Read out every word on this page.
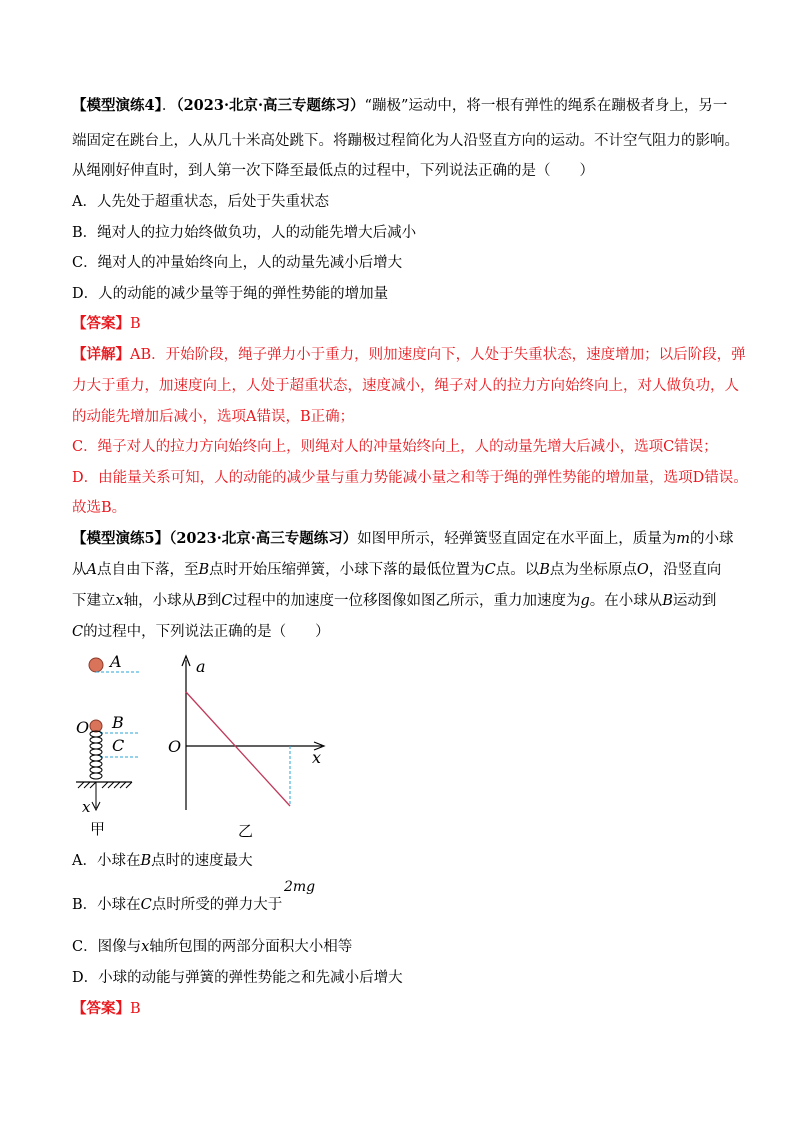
【模型演练4】．（2023·北京·高三专题练习）“蹦极”运动中，将一根有弹性的绳系在蹦极者身上，另一
端固定在跳台上，人从几十米高处跳下。将蹦极过程简化为人沿竖直方向的运动。不计空气阻力的影响。
从绳刚好伸直时，到人第一次下降至最低点的过程中，下列说法正确的是（　　）
A．人先处于超重状态，后处于失重状态
B．绳对人的拉力始终做负功，人的动能先增大后减小
C．绳对人的冲量始终向上，人的动量先减小后增大
D．人的动能的减少量等于绳的弹性势能的增加量
【答案】B
【详解】AB．开始阶段，绳子弹力小于重力，则加速度向下，人处于失重状态，速度增加；以后阶段，弹
力大于重力，加速度向上，人处于超重状态，速度减小，绳子对人的拉力方向始终向上，对人做负功，人
的动能先增加后减小，选项A错误，B正确；
C．绳子对人的拉力方向始终向上，则绳对人的冲量始终向上，人的动量先增大后减小，选项C错误；
D．由能量关系可知，人的动能的减少量与重力势能减小量之和等于绳的弹性势能的增加量，选项D错误。
故选B。
【模型演练5】（2023·北京·高三专题练习）如图甲所示，轻弹簧竖直固定在水平面上，质量为m的小球
从A点自由下落，至B点时开始压缩弹簧，小球下落的最低位置为C点。以B点为坐标原点O，沿竖直向
下建立x轴，小球从B到C过程中的加速度一位移图像如图乙所示，重力加速度为g。在小球从B运动到
C的过程中，下列说法正确的是（　　）
A
O B
C
x
甲
a
x
O
乙
A．小球在B点时的速度最大
B．小球在C点时所受的弹力大于
2mg
C．图像与x轴所包围的两部分面积大小相等
D．小球的动能与弹簧的弹性势能之和先减小后增大
【答案】B
